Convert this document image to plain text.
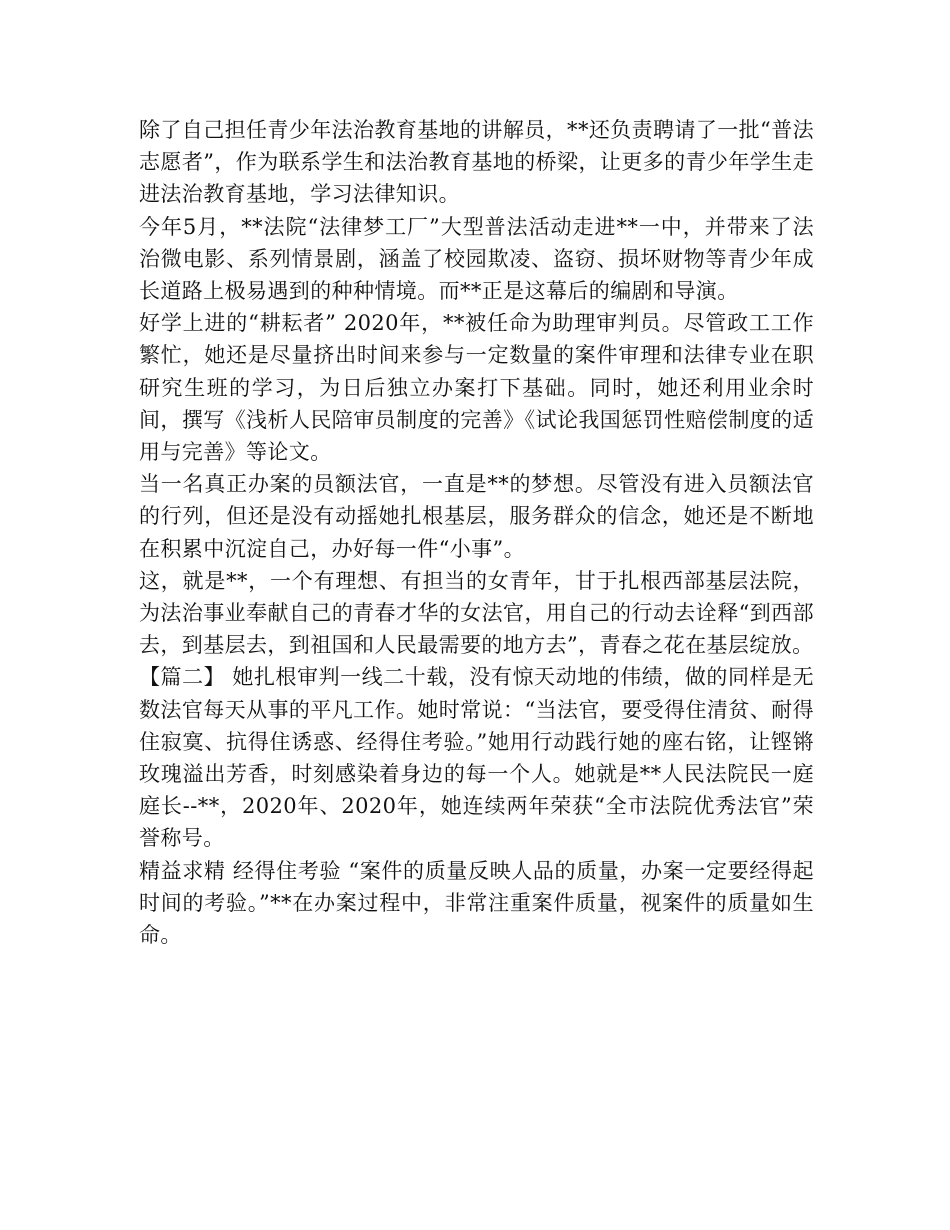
除了自己担任青少年法治教育基地的讲解员，**还负责聘请了一批“普法志愿者”，作为联系学生和法治教育基地的桥梁，让更多的青少年学生走进法治教育基地，学习法律知识。

今年5月，**法院“法律梦工厂”大型普法活动走进**一中，并带来了法治微电影、系列情景剧，涵盖了校园欺凌、盗窃、损坏财物等青少年成长道路上极易遇到的种种情境。而**正是这幕后的编剧和导演。

好学上进的“耕耘者” 2020年，**被任命为助理审判员。尽管政工工作繁忙，她还是尽量挤出时间来参与一定数量的案件审理和法律专业在职研究生班的学习，为日后独立办案打下基础。同时，她还利用业余时间，撰写《浅析人民陪审员制度的完善》《试论我国惩罚性赔偿制度的适用与完善》等论文。

当一名真正办案的员额法官，一直是**的梦想。尽管没有进入员额法官的行列，但还是没有动摇她扎根基层，服务群众的信念，她还是不断地在积累中沉淀自己，办好每一件“小事”。

这，就是**，一个有理想、有担当的女青年，甘于扎根西部基层法院，为法治事业奉献自己的青春才华的女法官，用自己的行动去诠释“到西部去，到基层去，到祖国和人民最需要的地方去”，青春之花在基层绽放。

【篇二】 她扎根审判一线二十载，没有惊天动地的伟绩，做的同样是无数法官每天从事的平凡工作。她时常说：“当法官，要受得住清贫、耐得住寂寞、抗得住诱惑、经得住考验。”她用行动践行她的座右铭，让铿锵玫瑰溢出芳香，时刻感染着身边的每一个人。她就是**人民法院民一庭庭长--**，2020年、2020年，她连续两年荣获“全市法院优秀法官”荣誉称号。

精益求精 经得住考验 “案件的质量反映人品的质量，办案一定要经得起时间的考验。”**在办案过程中，非常注重案件质量，视案件的质量如生命。
